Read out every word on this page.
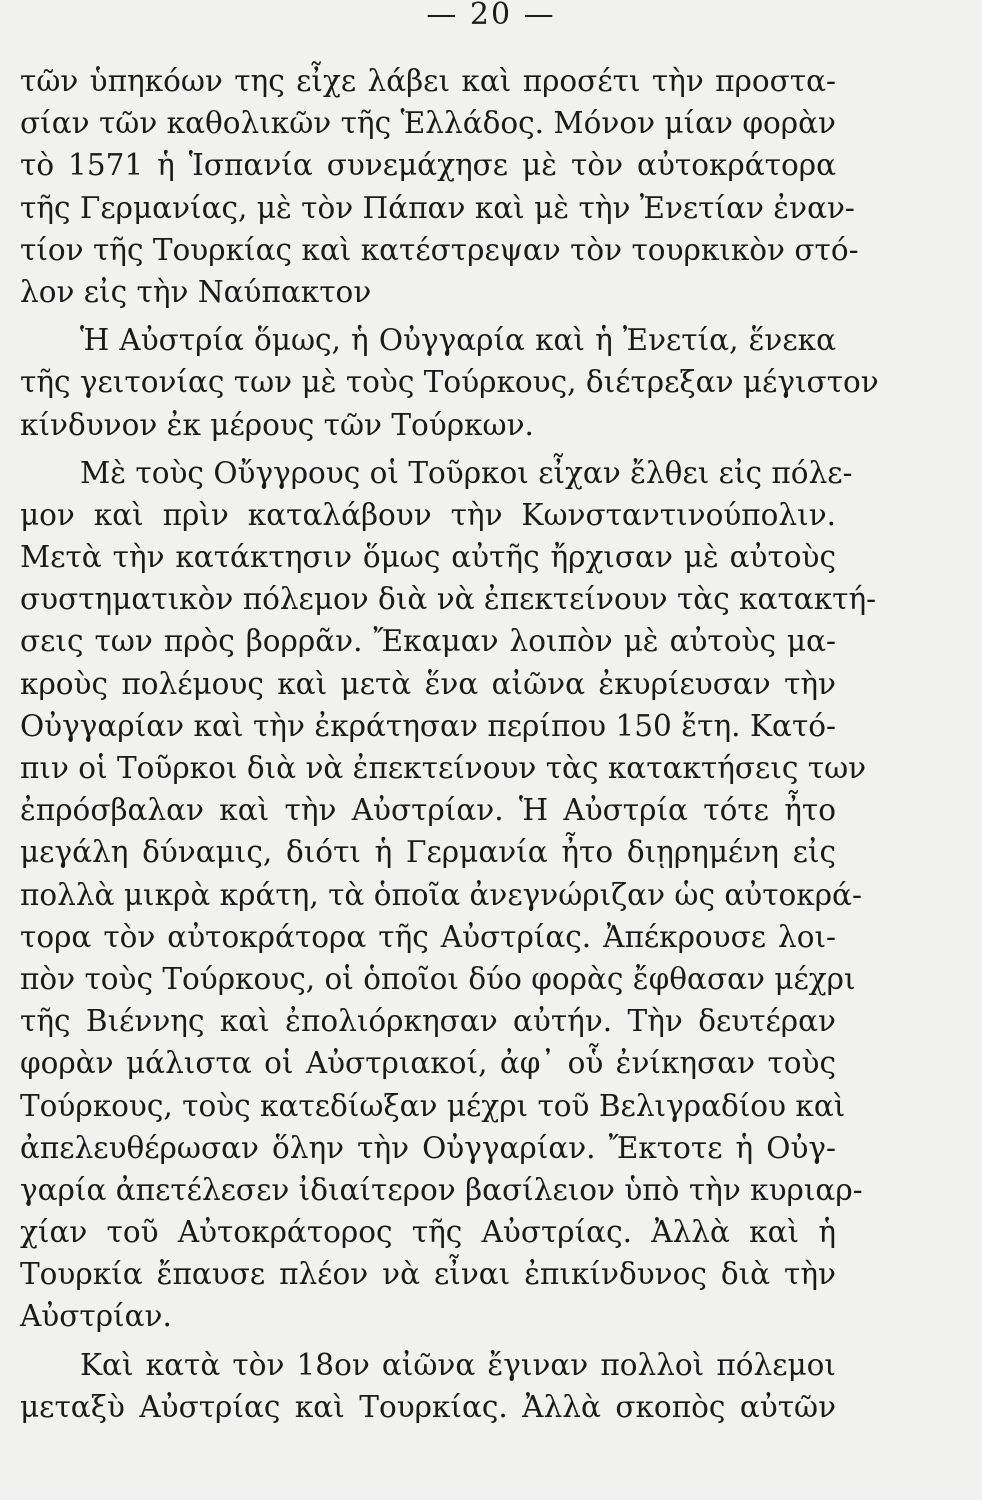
— 20 —
τῶν ὑπηκόων της εἶχε λάβει καὶ προσέτι τὴν προστα-
σίαν τῶν καθολικῶν τῆς Ἑλλάδος. Μόνον μίαν φορὰν
τὸ 1571 ἡ Ἱσπανία συνεμάχησε μὲ τὸν αὐτοκράτορα
τῆς Γερμανίας, μὲ τὸν Πάπαν καὶ μὲ τὴν Ἐνετίαν ἐναν-
τίον τῆς Τουρκίας καὶ κατέστρεψαν τὸν τουρκικὸν στό-
λον εἰς τὴν Ναύπακτον
Ἡ Αὐστρία ὅμως, ἡ Οὐγγαρία καὶ ἡ Ἐνετία, ἕνεκα
τῆς γειτονίας των μὲ τοὺς Τούρκους, διέτρεξαν μέγιστον
κίνδυνον ἐκ μέρους τῶν Τούρκων.
Μὲ τοὺς Οὔγγρους οἱ Τοῦρκοι εἶχαν ἔλθει εἰς πόλε-
μον καὶ πρὶν καταλάβουν τὴν Κωνσταντινούπολιν.
Μετὰ τὴν κατάκτησιν ὅμως αὐτῆς ἤρχισαν μὲ αὐτοὺς
συστηματικὸν πόλεμον διὰ νὰ ἐπεκτείνουν τὰς κατακτή-
σεις των πρὸς βορρᾶν. Ἔκαμαν λοιπὸν μὲ αὐτοὺς μα-
κροὺς πολέμους καὶ μετὰ ἕνα αἰῶνα ἐκυρίευσαν τὴν
Οὐγγαρίαν καὶ τὴν ἐκράτησαν περίπου 150 ἔτη. Κατό-
πιν οἱ Τοῦρκοι διὰ νὰ ἐπεκτείνουν τὰς κατακτήσεις των
ἐπρόσβαλαν καὶ τὴν Αὐστρίαν. Ἡ Αὐστρία τότε ἦτο
μεγάλη δύναμις, διότι ἡ Γερμανία ἦτο διῃρημένη εἰς
πολλὰ μικρὰ κράτη, τὰ ὁποῖα ἀνεγνώριζαν ὡς αὐτοκρά-
τορα τὸν αὐτοκράτορα τῆς Αὐστρίας. Ἀπέκρουσε λοι-
πὸν τοὺς Τούρκους, οἱ ὁποῖοι δύο φορὰς ἔφθασαν μέχρι
τῆς Βιέννης καὶ ἐπολιόρκησαν αὐτήν. Τὴν δευτέραν
φορὰν μάλιστα οἱ Αὐστριακοί, ἀφ᾽ οὗ ἐνίκησαν τοὺς
Τούρκους, τοὺς κατεδίωξαν μέχρι τοῦ Βελιγραδίου καὶ
ἀπελευθέρωσαν ὅλην τὴν Οὐγγαρίαν. Ἔκτοτε ἡ Οὐγ-
γαρία ἀπετέλεσεν ἰδιαίτερον βασίλειον ὑπὸ τὴν κυριαρ-
χίαν τοῦ Αὐτοκράτορος τῆς Αὐστρίας. Ἀλλὰ καὶ ἡ
Τουρκία ἔπαυσε πλέον νὰ εἶναι ἐπικίνδυνος διὰ τὴν
Αὐστρίαν.
Καὶ κατὰ τὸν 18ον αἰῶνα ἔγιναν πολλοὶ πόλεμοι
μεταξὺ Αὐστρίας καὶ Τουρκίας. Ἀλλὰ σκοπὸς αὐτῶν
